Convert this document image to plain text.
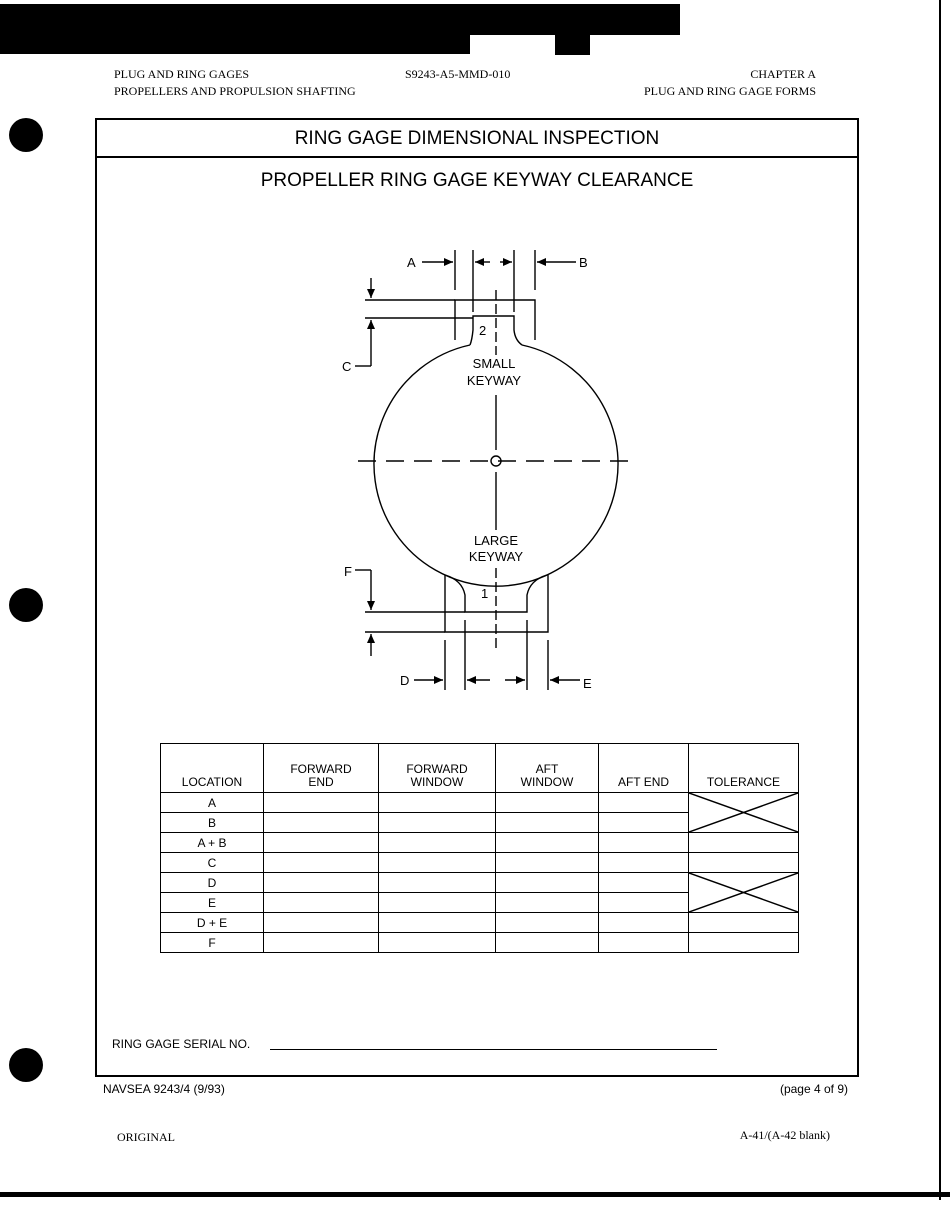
PLUG AND RING GAGES
PROPELLERS AND PROPULSION SHAFTING
S9243-A5-MMD-010	CHAPTER A
PLUG AND RING GAGE FORMS
RING GAGE DIMENSIONAL INSPECTION
PROPELLER RING GAGE KEYWAY CLEARANCE
A	B
C
F
D	E
2
1
SMALL
KEYWAY
LARGE
KEYWAY
LOCATION	FORWARD
END	FORWARD
WINDOW	AFT
WINDOW	AFT END	TOLERANCE
A					

B					
A + B					
C					
D					

E					
D + E					
F					
RING GAGE SERIAL NO.
NAVSEA 9243/4 (9/93)	(page 4 of 9)
ORIGINAL	A-41/(A-42 blank)
